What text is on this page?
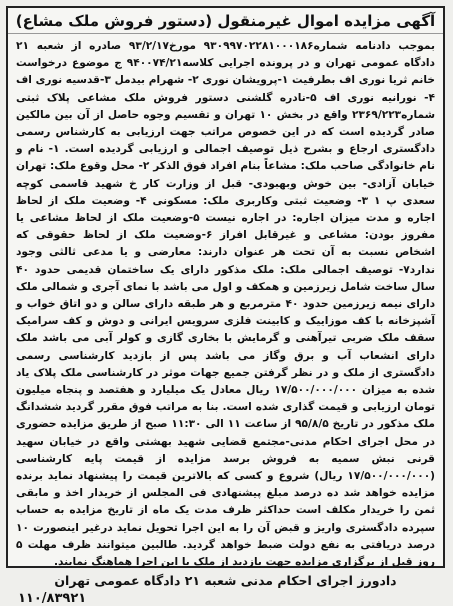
آگهی مزایده اموال غیرمنقول (دستور فروش ملک مشاع)
بموجب دادنامه شماره۹۳۰۹۹۷۰۲۲۸۱۰۰۰۱۸۶ مورخ۹۳/۲/۱۷ صادره از شعبه ۲۱ دادگاه عمومی تهران و در پرونده اجرایی کلاسه۹۴۰۰۷۴/۲۱ ج موضوع درخواست خانم ثریا نوری اف بطرفیت ۱-پرویشان نوری ۲- شهرام بیدمل ۳-قدسیه نوری اف ۴- نورانیه نوری اف ۵-نادره گلشنی دستور فروش ملک مشاعی پلاک ثبتی شماره۲۳۶۹/۲۲۳ واقع در بخش ۱۰ تهران و تقسیم وجوه حاصل از آن بین مالکین صادر گردیده است که در این خصوص مراتب جهت ارزیابی به کارشناس رسمی دادگستری ارجاع و بشرح ذیل توصیف اجمالی و ارزیابی گردیده است. ۱- نام و نام خانوادگی صاحب ملک: مشاعاً بنام افراد فوق الذکر ۲- محل وقوع ملک: تهران خیابان آزادی- بین خوش وبهبودی- قبل از وزارت کار خ شهید قاسمی کوچه سعدی پ ۱ ۳- وضعیت ثبتی وکاربری ملک: مسکونی ۴- وضعیت ملک از لحاظ اجاره و مدت میزان اجاره: در اجاره نیست ۵-وضعیت ملک از لحاظ مشاعی یا مفروز بودن: مشاعی و غیرقابل افراز ۶-وضعیت ملک از لحاظ حقوقی که اشخاص نسبت به آن تحت هر عنوان دارند: معارضی و یا مدعی ثالثی وجود ندارد۷- توصیف اجمالی ملک: ملک مذکور دارای یک ساختمان قدیمی حدود ۴۰ سال ساخت شامل زیرزمین و همکف و اول می باشد با نمای آجری و شمالی ملک دارای نیمه زیرزمین حدود ۴۰ مترمربع و هر طبقه دارای سالن و دو اتاق خواب و آشپزخانه با کف موزاییک و کابینت فلزی سرویس ایرانی و دوش و کف سرامیک سقف ملک ضربی تیرآهنی و گرمایش با بخاری گازی و کولر آبی می باشد ملک دارای انشعاب آب و برق وگاز می باشد پس از بازدید کارشناسی رسمی دادگستری از ملک و در نظر گرفتن جمیع جهات موثر در کارشناسی ملک پلاک یاد شده به میزان ۱۷/۵۰۰/۰۰۰/۰۰۰ ریال معادل یک میلیارد و هفتصد و پنجاه میلیون تومان ارزیابی و قیمت گذاری شده است. بنا به مراتب فوق مقرر گردید ششدانگ ملک مذکور در تاریخ ۹۵/۸/۵ از ساعت ۱۱ الی ۱۱:۳۰ صبح از طریق مزایده حضوری در محل اجرای احکام مدنی-مجتمع قضایی شهید بهشتی واقع در خیابان سهید قرنی نبش سمیه به فروش برسد مزایده از قیمت پایه کارشناسی (۱۷/۵۰۰/۰۰۰/۰۰۰ ریال) شروع و کسی که بالاترین قیمت را پیشنهاد نماید برنده مزایده خواهد شد ده درصد مبلغ پیشنهادی فی المجلس از خریدار اخذ و مابقی ثمن را خریدار مکلف است حداکثر ظرف مدت یک ماه از تاریخ مزایده به حساب سپرده دادگستری واریز و قبض آن را به این اجرا تحویل نماید درغیر اینصورت ۱۰ درصد دریافتی به نفع دولت ضبط خواهد گردید. طالبین میتوانند ظرف مهلت ۵ روز قبل از برگزاری مزایده جهت بازدید از ملک با این اجرا هماهنگ نمایند.
دادورز اجرای احکام مدنی شعبه ۲۱ دادگاه عمومی تهران
۱۱۰/۸۳۹۲۱
